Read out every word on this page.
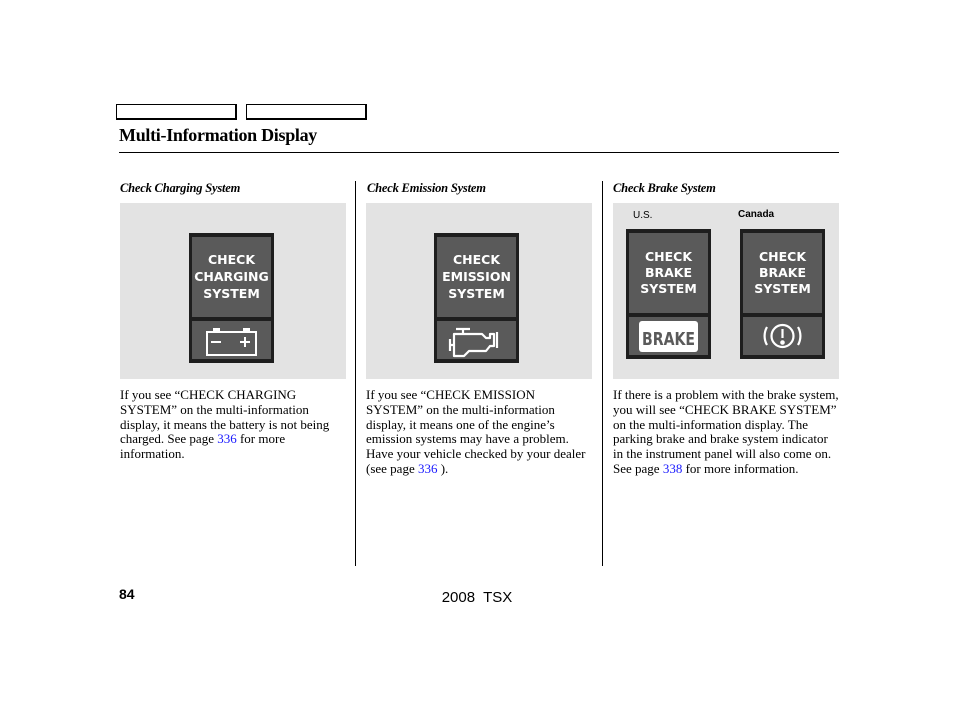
Multi-Information Display
Check Charging System
CHECK
CHARGING
SYSTEM
If you see “CHECK CHARGING SYSTEM” on the multi-information display, it means the battery is not being charged. See page 336 for more information.
Check Emission System
CHECK
EMISSION
SYSTEM
If you see “CHECK EMISSION SYSTEM” on the multi-information display, it means one of the engine’s emission systems may have a problem. Have your vehicle checked by your dealer (see page 336 ).
Check Brake System
U.S.	Canada
CHECK
BRAKE
SYSTEM
BRAKE
CHECK
BRAKE
SYSTEM
If there is a problem with the brake system, you will see “CHECK BRAKE SYSTEM” on the multi-information display. The parking brake and brake system indicator in the instrument panel will also come on. See page 338 for more information.
84	2008  TSX
